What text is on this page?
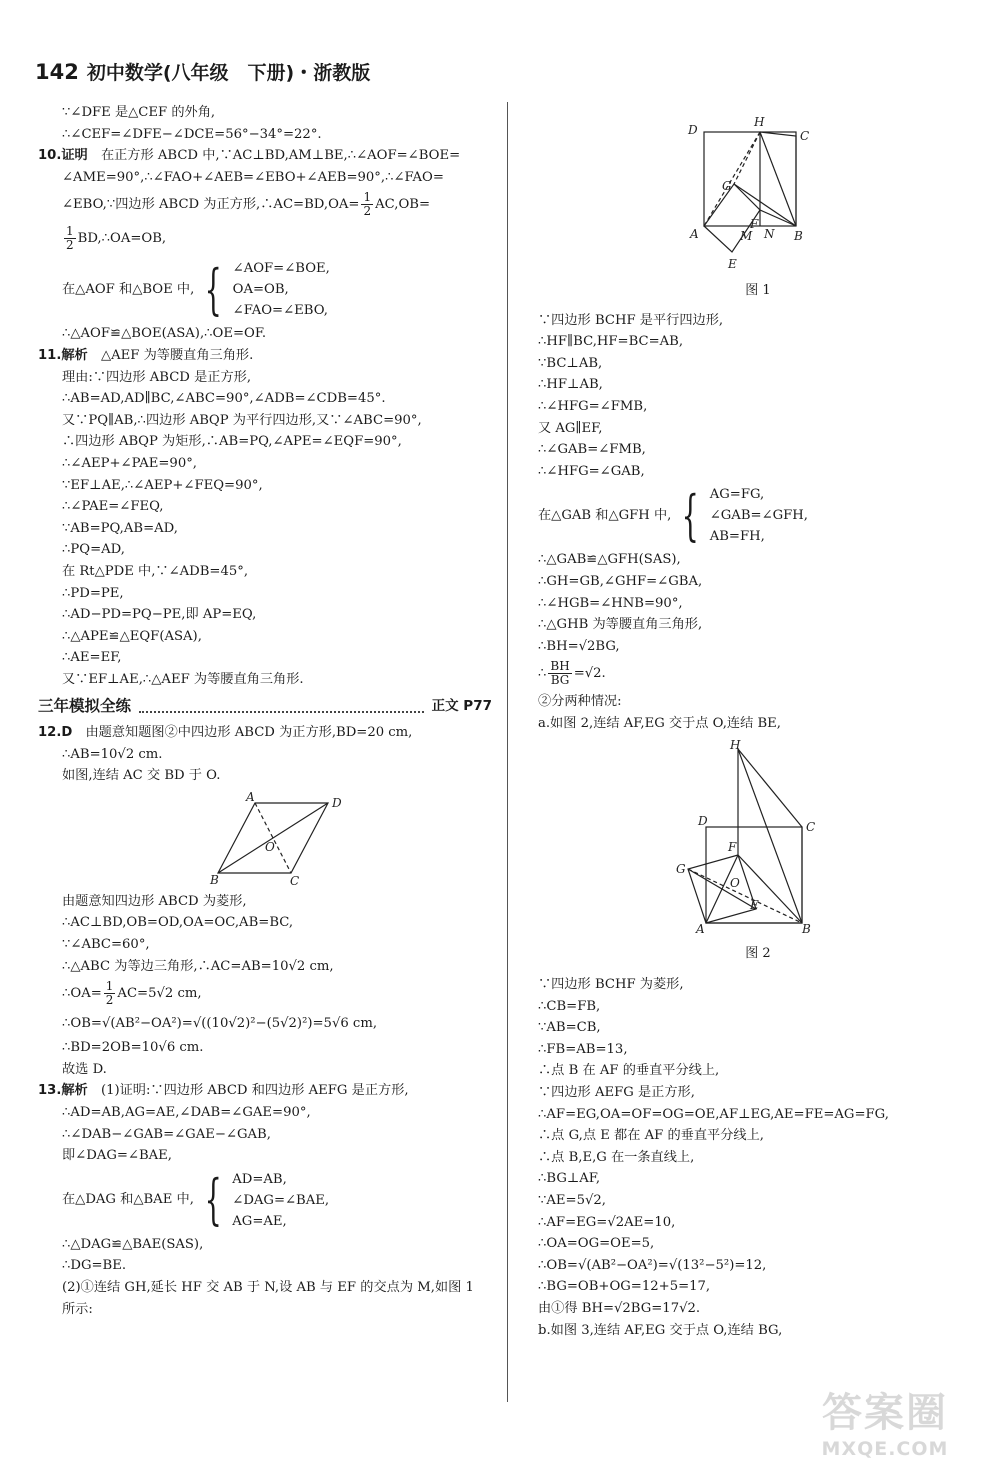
142 初中数学(八年级　下册)・浙教版
∵∠DFE 是△CEF 的外角,
∴∠CEF=∠DFE−∠DCE=56°−34°=22°.
10.证明　 在正方形 ABCD 中,∵AC⊥BD,AM⊥BE,∴∠AOF=∠BOE=
∠AME=90°,∴∠FAO+∠AEB=∠EBO+∠AEB=90°,∴∠FAO=
∠EBO,∵四边形 ABCD 为正方形,∴AC=BD,OA= $\frac{1}{2} AC,OB=$
$\frac{1}{2}$ BD,∴OA=OB,
在△AOF 和△BOE 中, { ∠AOF=∠BOE,
OA=OB,
∠FAO=∠EBO,
∴△AOF≌△BOE(ASA),∴OE=OF.
11.解析　 △AEF 为等腰直角三角形.
理由:∵四边形 ABCD 是正方形,
∴AB=AD,AD∥BC,∠ABC=90°,∠ADB=∠CDB=45°.
又∵PQ∥AB,∴四边形 ABQP 为平行四边形,又∵∠ABC=90°,
∴四边形 ABQP 为矩形,∴AB=PQ,∠APE=∠EQF=90°,
∴∠AEP+∠PAE=90°,
∵EF⊥AE,∴∠AEP+∠FEQ=90°,
∴∠PAE=∠FEQ,
∵AB=PQ,AB=AD,
∴PQ=AD,
在 Rt△PDE 中,∵∠ADB=45°,
∴PD=PE,
∴AD−PD=PQ−PE,即 AP=EQ,
∴△APE≌△EQF(ASA),
∴AE=EF,
又∵EF⊥AE,∴△AEF 为等腰直角三角形.
三年模拟全练	正文 P77
12.D　 由题意知题图②中四边形 ABCD 为正方形,BD=20 cm,
∴AB=10√2 cm.
如图,连结 AC 交 BD 于 O.
A	D
B	C
O
由题意知四边形 ABCD 为菱形,
∴AC⊥BD,OB=OD,OA=OC,AB=BC,
∵∠ABC=60°,
∴△ABC 为等边三角形,∴AC=AB=10√2 cm,
∴OA= $\frac{1}{2} AC=5√2$ cm,
∴OB=√(AB²−OA²)=√((10√2)²−(5√2)²)=5√6 cm,
∴BD=2OB=10√6 cm.
故选 D.
13.解析　 (1)证明:∵四边形 ABCD 和四边形 AEFG 是正方形,
∴AD=AB,AG=AE,∠DAB=∠GAE=90°,
∴∠DAB−∠GAB=∠GAE−∠GAB,
即∠DAG=∠BAE,
在△DAG 和△BAE 中, { AD=AB,
∠DAG=∠BAE,
AG=AE,
∴△DAG≌△BAE(SAS),
∴DG=BE.
(2)①连结 GH,延长 HF 交 AB 于 N,设 AB 与 EF 的交点为 M,如图 1
所示:
D
H
C
G
F
A	M N B
E
图 1
∵四边形 BCHF 是平行四边形,
∴HF∥BC,HF=BC=AB,
∵BC⊥AB,
∴HF⊥AB,
∴∠HFG=∠FMB,
又 AG∥EF,
∴∠GAB=∠FMB,
∴∠HFG=∠GAB,
在△GAB 和△GFH 中, { AG=FG,
∠GAB=∠GFH,
AB=FH,
∴△GAB≌△GFH(SAS),
∴GH=GB,∠GHF=∠GBA,
∴∠HGB=∠HNB=90°,
∴△GHB 为等腰直角三角形,
∴BH=√2BG,
∴ $\frac{BH}{BG} =√2$.
②分两种情况:
a.如图 2,连结 AF,EG 交于点 O,连结 BE,
H
D	C
F
G
O
E
A	B
图 2
∵四边形 BCHF 为菱形,
∴CB=FB,
∵AB=CB,
∴FB=AB=13,
∴点 B 在 AF 的垂直平分线上,
∵四边形 AEFG 是正方形,
∴AF=EG,OA=OF=OG=OE,AF⊥EG,AE=FE=AG=FG,
∴点 G,点 E 都在 AF 的垂直平分线上,
∴点 B,E,G 在一条直线上,
∴BG⊥AF,
∵AE=5√2,
∴AF=EG=√2AE=10,
∴OA=OG=OE=5,
∴OB=√(AB²−OA²)=√(13²−5²)=12,
∴BG=OB+OG=12+5=17,
由①得 BH=√2BG=17√2.
b.如图 3,连结 AF,EG 交于点 O,连结 BG,
答案圈
MXQE.COM
